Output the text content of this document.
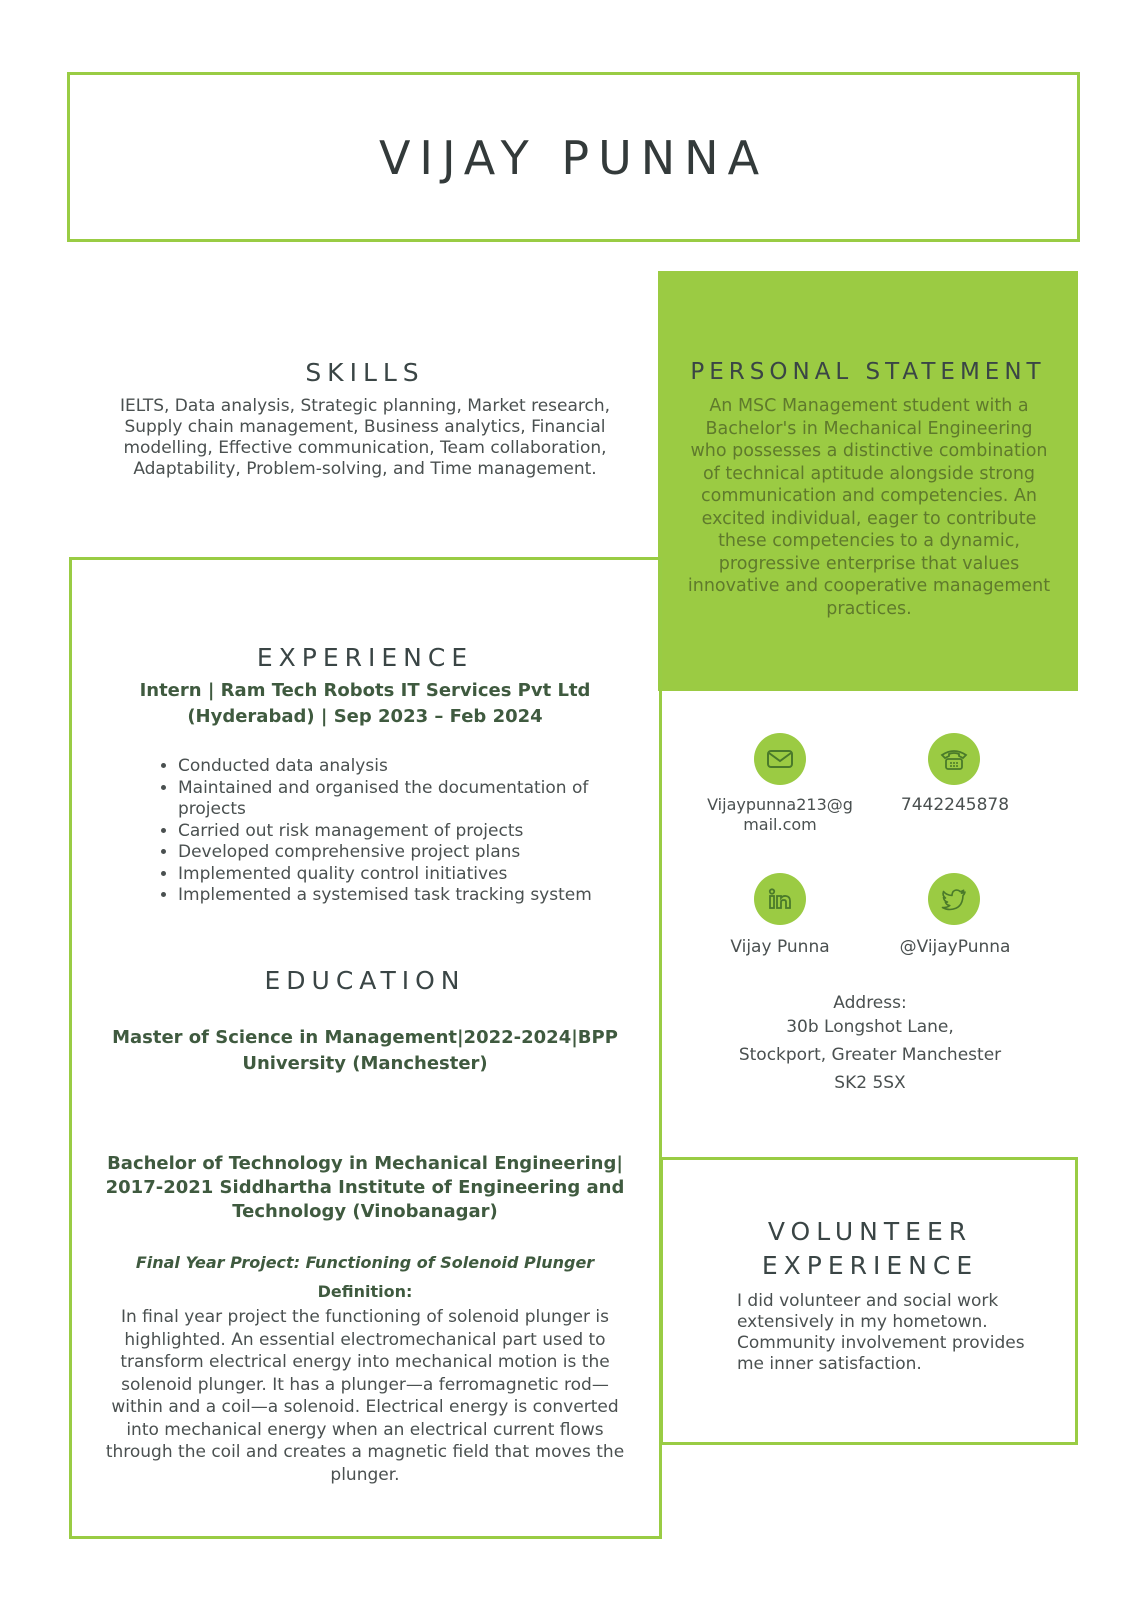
VIJAY PUNNA
SKILLS
IELTS, Data analysis, Strategic planning, Market research, Supply chain management, Business analytics, Financial modelling, Effective communication, Team collaboration, Adaptability, Problem-solving, and Time management.
PERSONAL STATEMENT
An MSC Management student with a Bachelor's in Mechanical Engineering who possesses a distinctive combination of technical aptitude alongside strong communication and competencies. An excited individual, eager to contribute these competencies to a dynamic, progressive enterprise that values innovative and cooperative management practices.
EXPERIENCE
Intern | Ram Tech Robots IT Services Pvt Ltd (Hyderabad) | Sep 2023 – Feb 2024
• Conducted data analysis
• Maintained and organised the documentation of projects
• Carried out risk management of projects
• Developed comprehensive project plans
• Implemented quality control initiatives
• Implemented a systemised task tracking system
EDUCATION
Master of Science in Management|2022-2024|BPP University (Manchester)
Bachelor of Technology in Mechanical Engineering| 2017-2021 Siddhartha Institute of Engineering and Technology (Vinobanagar)
Final Year Project: Functioning of Solenoid Plunger
Definition:
In final year project the functioning of solenoid plunger is highlighted. An essential electromechanical part used to transform electrical energy into mechanical motion is the solenoid plunger. It has a plunger—a ferromagnetic rod—within and a coil—a solenoid. Electrical energy is converted into mechanical energy when an electrical current flows through the coil and creates a magnetic field that moves the plunger.
Vijaypunna213@gmail.com
7442245878
Vijay Punna	@VijayPunna
Address:
30b Longshot Lane,
Stockport, Greater Manchester
SK2 5SX
VOLUNTEER
EXPERIENCE
I did volunteer and social work extensively in my hometown. Community involvement provides me inner satisfaction.
